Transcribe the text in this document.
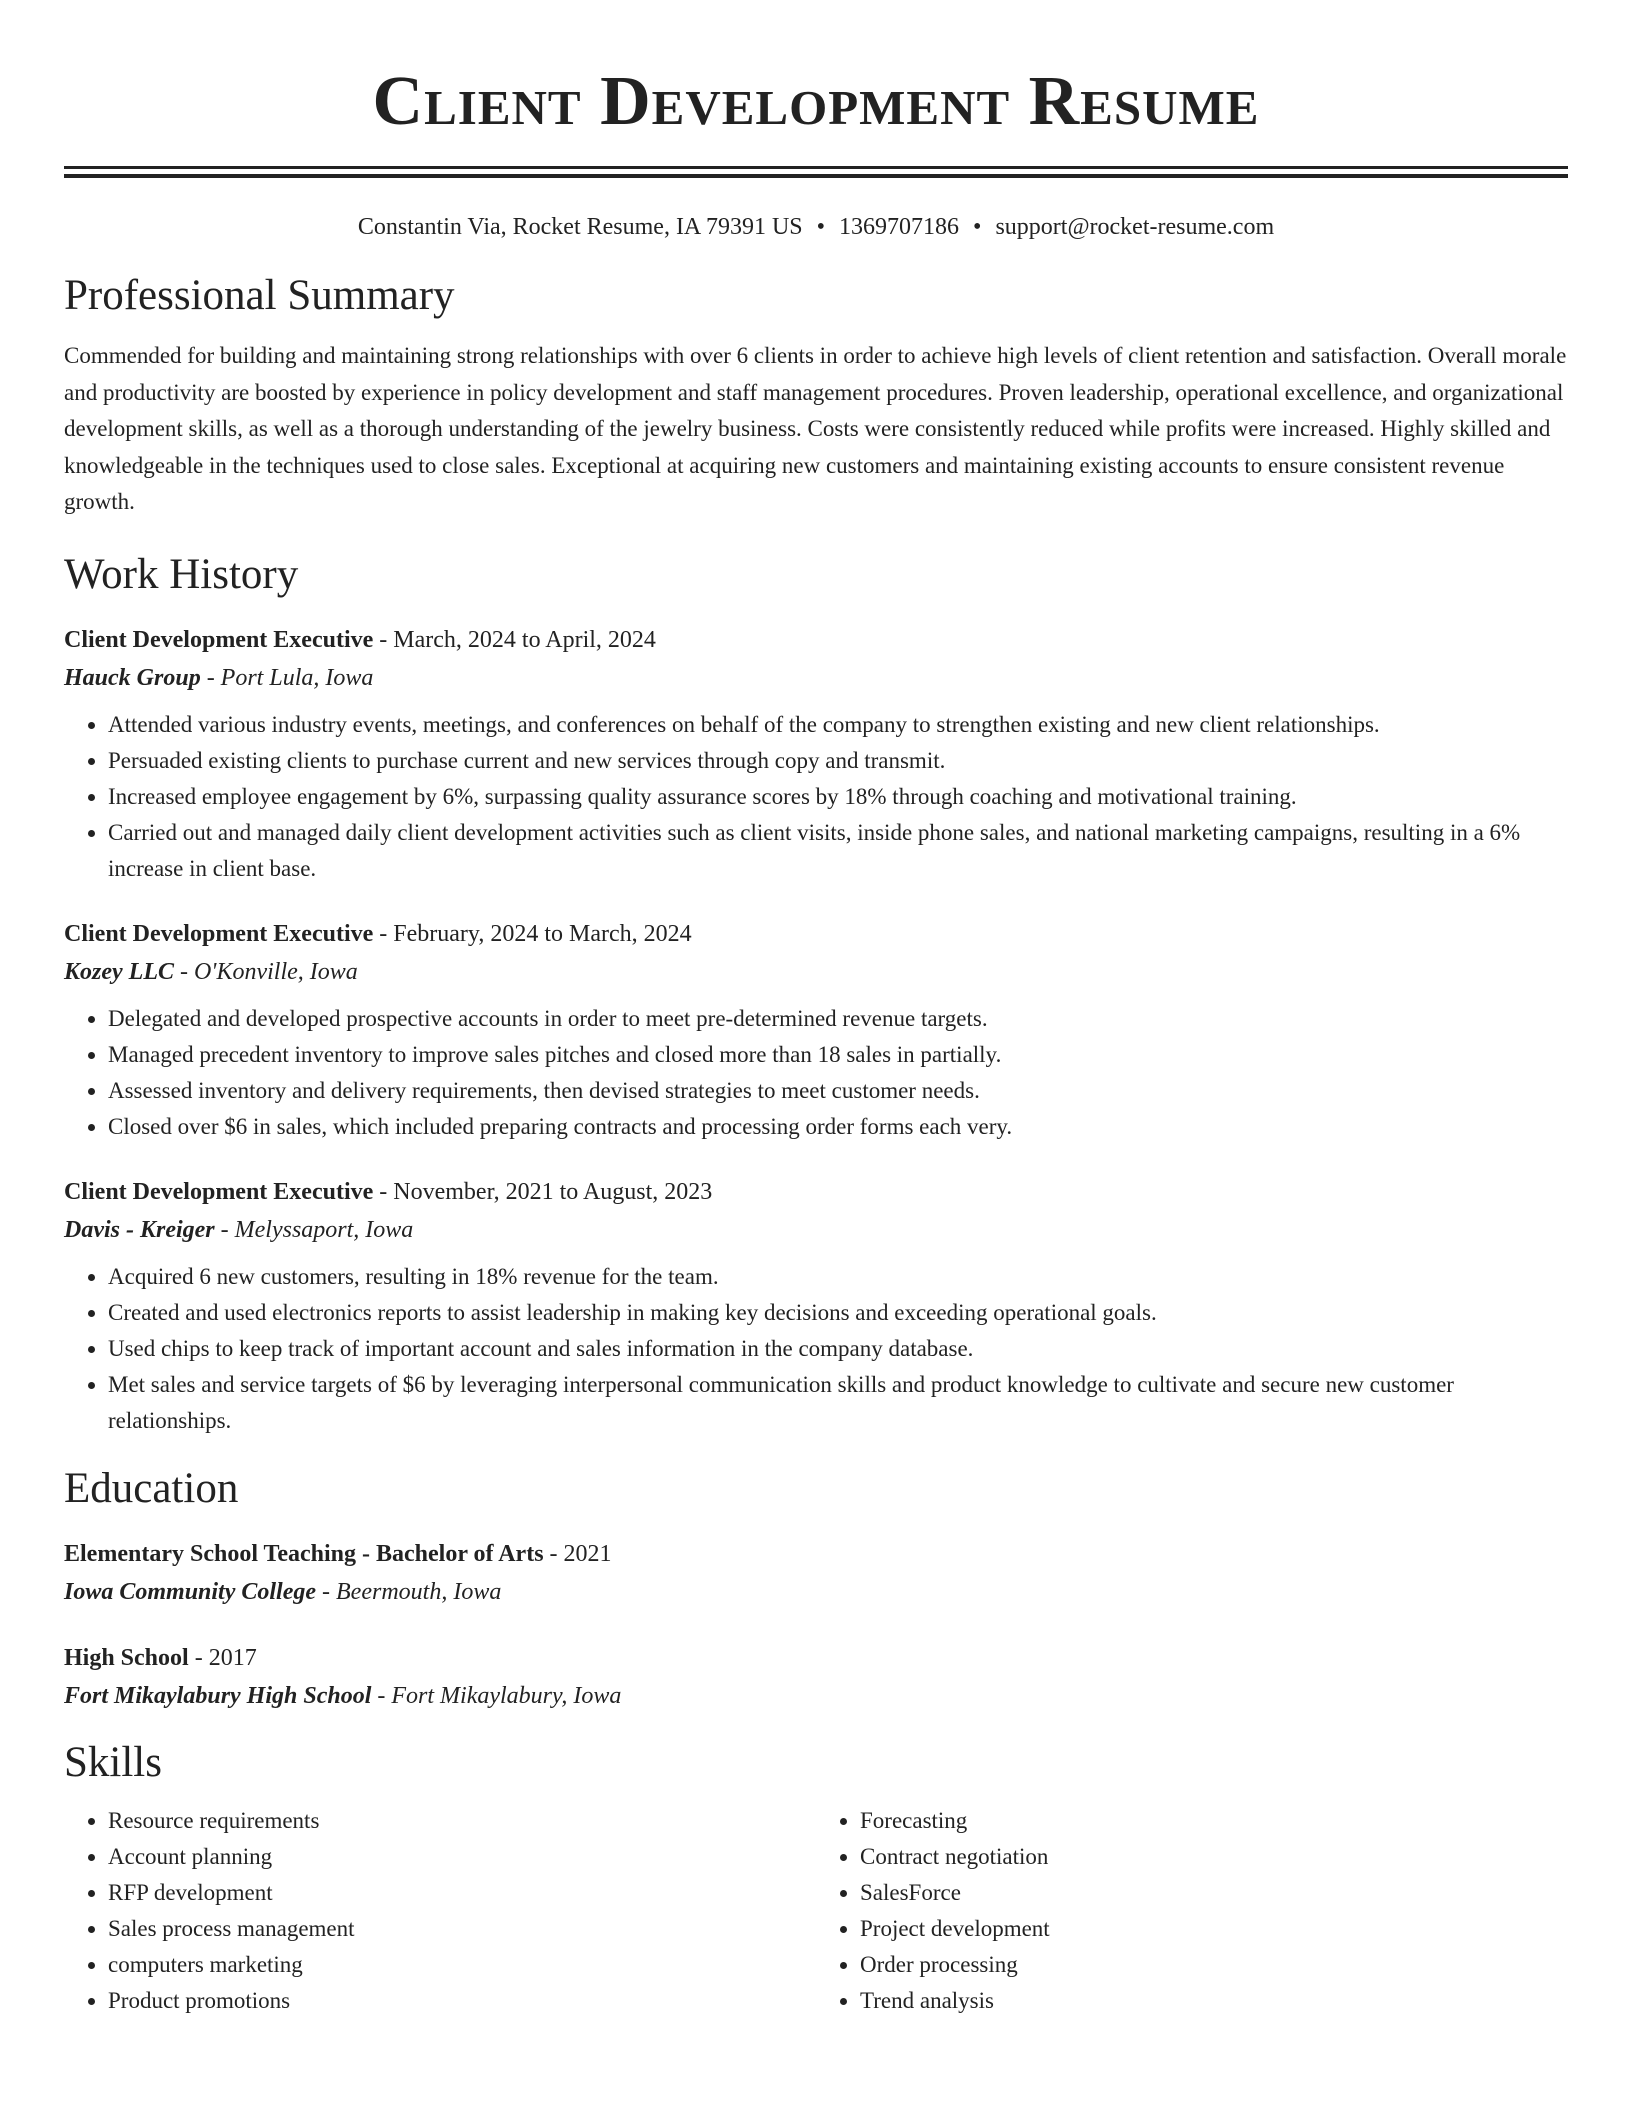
Client Development Resume
Constantin Via, Rocket Resume, IA 79391 US • 1369707186 • support@rocket-resume.com
Professional Summary

Commended for building and maintaining strong relationships with over 6 clients in order to achieve high levels of client retention and satisfaction. Overall morale and productivity are boosted by experience in policy development and staff management procedures. Proven leadership, operational excellence, and organizational development skills, as well as a thorough understanding of the jewelry business. Costs were consistently reduced while profits were increased. Highly skilled and knowledgeable in the techniques used to close sales. Exceptional at acquiring new customers and maintaining existing accounts to ensure consistent revenue growth.

Work History
Client Development Executive - March, 2024 to April, 2024
Hauck Group - Port Lula, Iowa
• Attended various industry events, meetings, and conferences on behalf of the company to strengthen existing and new client relationships.
• Persuaded existing clients to purchase current and new services through copy and transmit.
• Increased employee engagement by 6%, surpassing quality assurance scores by 18% through coaching and motivational training.
• Carried out and managed daily client development activities such as client visits, inside phone sales, and national marketing campaigns, resulting in a 6% increase in client base.
Client Development Executive - February, 2024 to March, 2024
Kozey LLC - O'Konville, Iowa
• Delegated and developed prospective accounts in order to meet pre-determined revenue targets.
• Managed precedent inventory to improve sales pitches and closed more than 18 sales in partially.
• Assessed inventory and delivery requirements, then devised strategies to meet customer needs.
• Closed over $6 in sales, which included preparing contracts and processing order forms each very.
Client Development Executive - November, 2021 to August, 2023
Davis - Kreiger - Melyssaport, Iowa
• Acquired 6 new customers, resulting in 18% revenue for the team.
• Created and used electronics reports to assist leadership in making key decisions and exceeding operational goals.
• Used chips to keep track of important account and sales information in the company database.
• Met sales and service targets of $6 by leveraging interpersonal communication skills and product knowledge to cultivate and secure new customer relationships.
Education
Elementary School Teaching - Bachelor of Arts - 2021
Iowa Community College - Beermouth, Iowa
High School - 2017
Fort Mikaylabury High School - Fort Mikaylabury, Iowa
Skills
• Resource requirements
• Account planning
• RFP development
• Sales process management
• computers marketing
• Product promotions
• Forecasting
• Contract negotiation
• SalesForce
• Project development
• Order processing
• Trend analysis
